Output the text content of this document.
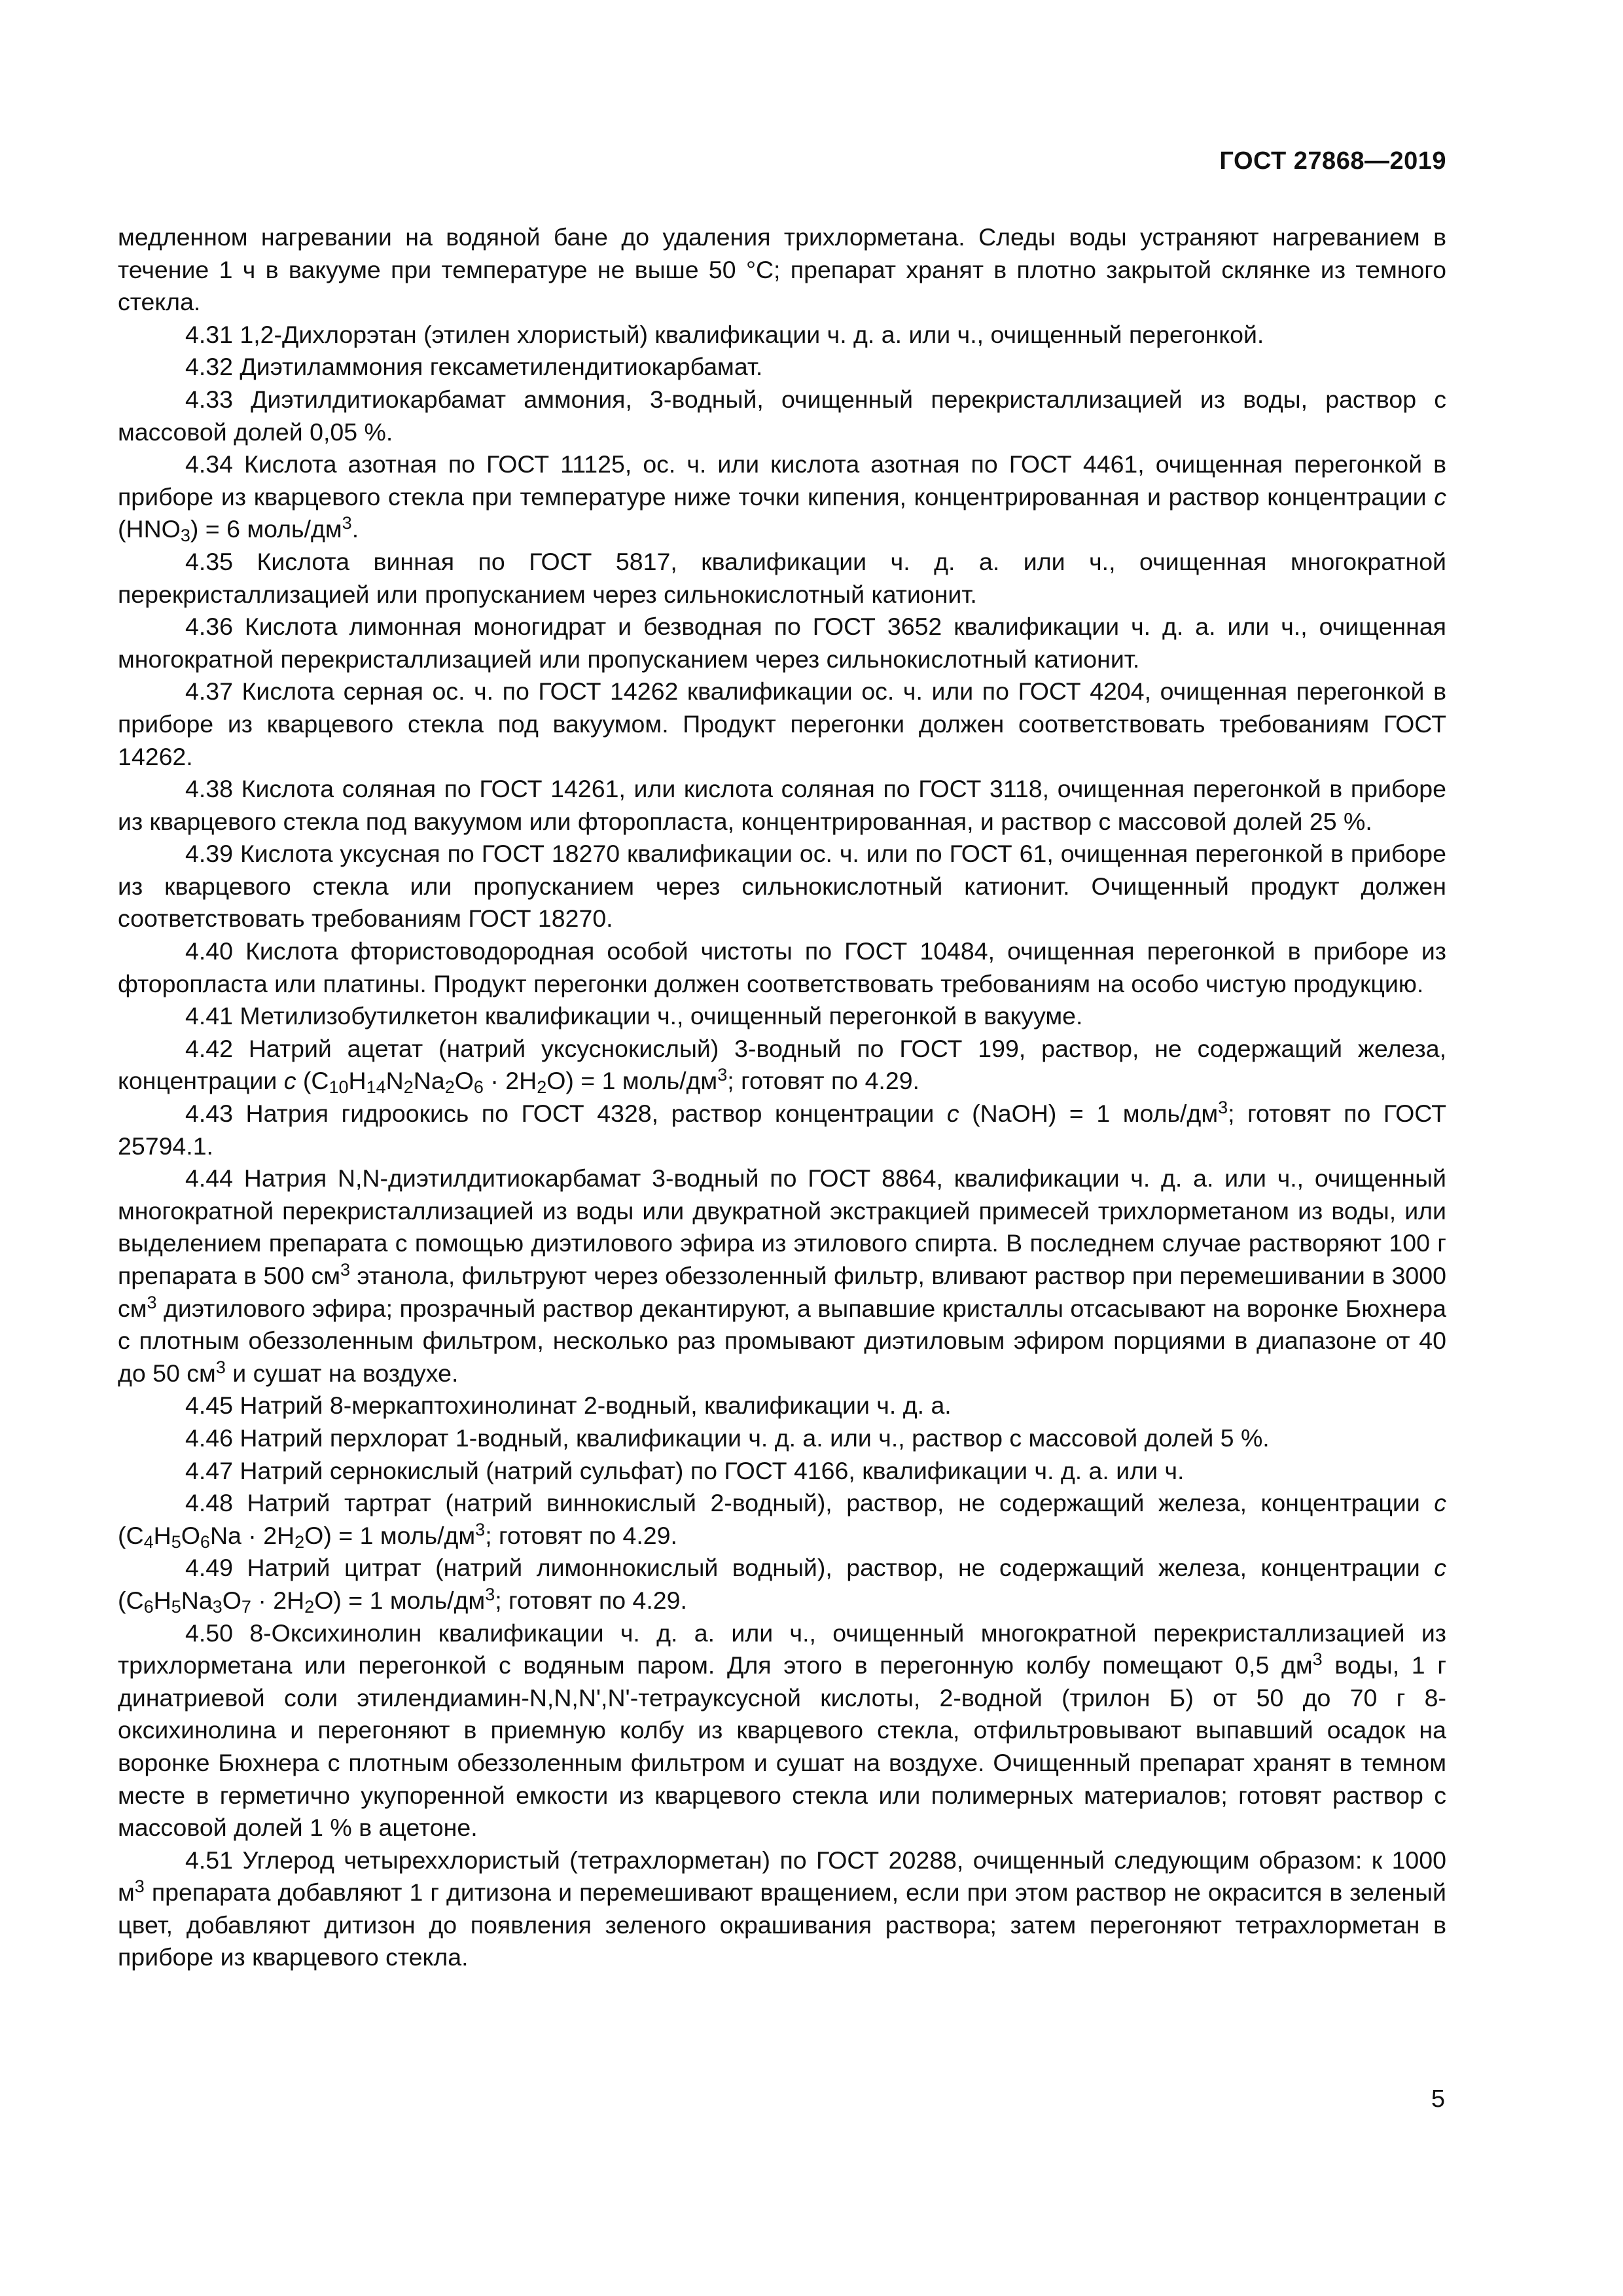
ГОСТ 27868—2019

медленном нагревании на водяной бане до удаления трихлорметана. Следы воды устраняют нагреванием в течение 1 ч в вакууме при температуре не выше 50 °С; препарат хранят в плотно закрытой склянке из темного стекла.

4.31 1,2-Дихлорэтан (этилен хлористый) квалификации ч. д. а. или ч., очищенный перегонкой.

4.32 Диэтиламмония гексаметилендитиокарбамат.

4.33 Диэтилдитиокарбамат аммония, 3-водный, очищенный перекристаллизацией из воды, раствор с массовой долей 0,05 %.

4.34 Кислота азотная по ГОСТ 11125, ос. ч. или кислота азотная по ГОСТ 4461, очищенная перегонкой в приборе из кварцевого стекла при температуре ниже точки кипения, концентрированная и раствор концентрации c $(HNO_3) = 6$ моль/$дм^3$.

4.35 Кислота винная по ГОСТ 5817, квалификации ч. д. а. или ч., очищенная многократной перекристаллизацией или пропусканием через сильнокислотный катионит.

4.36 Кислота лимонная моногидрат и безводная по ГОСТ 3652 квалификации ч. д. а. или ч., очищенная многократной перекристаллизацией или пропусканием через сильнокислотный катионит.

4.37 Кислота серная ос. ч. по ГОСТ 14262 квалификации ос. ч. или по ГОСТ 4204, очищенная перегонкой в приборе из кварцевого стекла под вакуумом. Продукт перегонки должен соответствовать требованиям ГОСТ 14262.

4.38 Кислота соляная по ГОСТ 14261, или кислота соляная по ГОСТ 3118, очищенная перегонкой в приборе из кварцевого стекла под вакуумом или фторопласта, концентрированная, и раствор с массовой долей 25 %.

4.39 Кислота уксусная по ГОСТ 18270 квалификации ос. ч. или по ГОСТ 61, очищенная перегонкой в приборе из кварцевого стекла или пропусканием через сильнокислотный катионит. Очищенный продукт должен соответствовать требованиям ГОСТ 18270.

4.40 Кислота фтористоводородная особой чистоты по ГОСТ 10484, очищенная перегонкой в приборе из фторопласта или платины. Продукт перегонки должен соответствовать требованиям на особо чистую продукцию.

4.41 Метилизобутилкетон квалификации ч., очищенный перегонкой в вакууме.

4.42 Натрий ацетат (натрий уксуснокислый) 3-водный по ГОСТ 199, раствор, не содержащий железа, концентрации c $(C_{10}H_{14}N_2Na_2O_6 \cdot 2H_2O) = 1$ моль/$дм^3$; готовят по 4.29.

4.43 Натрия гидроокись по ГОСТ 4328, раствор концентрации c (NaOH) = 1 моль/$дм^3$; готовят по ГОСТ 25794.1.

4.44 Натрия N,N-диэтилдитиокарбамат 3-водный по ГОСТ 8864, квалификации ч. д. а. или ч., очищенный многократной перекристаллизацией из воды или двукратной экстракцией примесей трихлорметаном из воды, или выделением препарата с помощью диэтилового эфира из этилового спирта. В последнем случае растворяют 100 г препарата в 500 $см^3$ этанола, фильтруют через обеззоленный фильтр, вливают раствор при перемешивании в 3000 $см^3$ диэтилового эфира; прозрачный раствор декантируют, а выпавшие кристаллы отсасывают на воронке Бюхнера с плотным обеззоленным фильтром, несколько раз промывают диэтиловым эфиром порциями в диапазоне от 40 до 50 $см^3$ и сушат на воздухе.

4.45 Натрий 8-меркаптохинолинат 2-водный, квалификации ч. д. а.

4.46 Натрий перхлорат 1-водный, квалификации ч. д. а. или ч., раствор с массовой долей 5 %.

4.47 Натрий сернокислый (натрий сульфат) по ГОСТ 4166, квалификации ч. д. а. или ч.

4.48 Натрий тартрат (натрий виннокислый 2-водный), раствор, не содержащий железа, концентрации c $(C_4H_5O_6Na \cdot 2H_2O) = 1$ моль/$дм^3$; готовят по 4.29.

4.49 Натрий цитрат (натрий лимоннокислый водный), раствор, не содержащий железа, концентрации c $(C_6H_5Na_3O_7 \cdot 2H_2O) = 1$ моль/$дм^3$; готовят по 4.29.

4.50 8-Оксихинолин квалификации ч. д. а. или ч., очищенный многократной перекристаллизацией из трихлорметана или перегонкой с водяным паром. Для этого в перегонную колбу помещают 0,5 $дм^3$ воды, 1 г динатриевой соли этилендиамин-N,N,N',N'-тетрауксусной кислоты, 2-водной (трилон Б) от 50 до 70 г 8-оксихинолина и перегоняют в приемную колбу из кварцевого стекла, отфильтровывают выпавший осадок на воронке Бюхнера с плотным обеззоленным фильтром и сушат на воздухе. Очищенный препарат хранят в темном месте в герметично укупоренной емкости из кварцевого стекла или полимерных материалов; готовят раствор с массовой долей 1 % в ацетоне.

4.51 Углерод четыреххлористый (тетрахлорметан) по ГОСТ 20288, очищенный следующим образом: к 1000 $м^3$ препарата добавляют 1 г дитизона и перемешивают вращением, если при этом раствор не окрасится в зеленый цвет, добавляют дитизон до появления зеленого окрашивания раствора; затем перегоняют тетрахлорметан в приборе из кварцевого стекла.

5
